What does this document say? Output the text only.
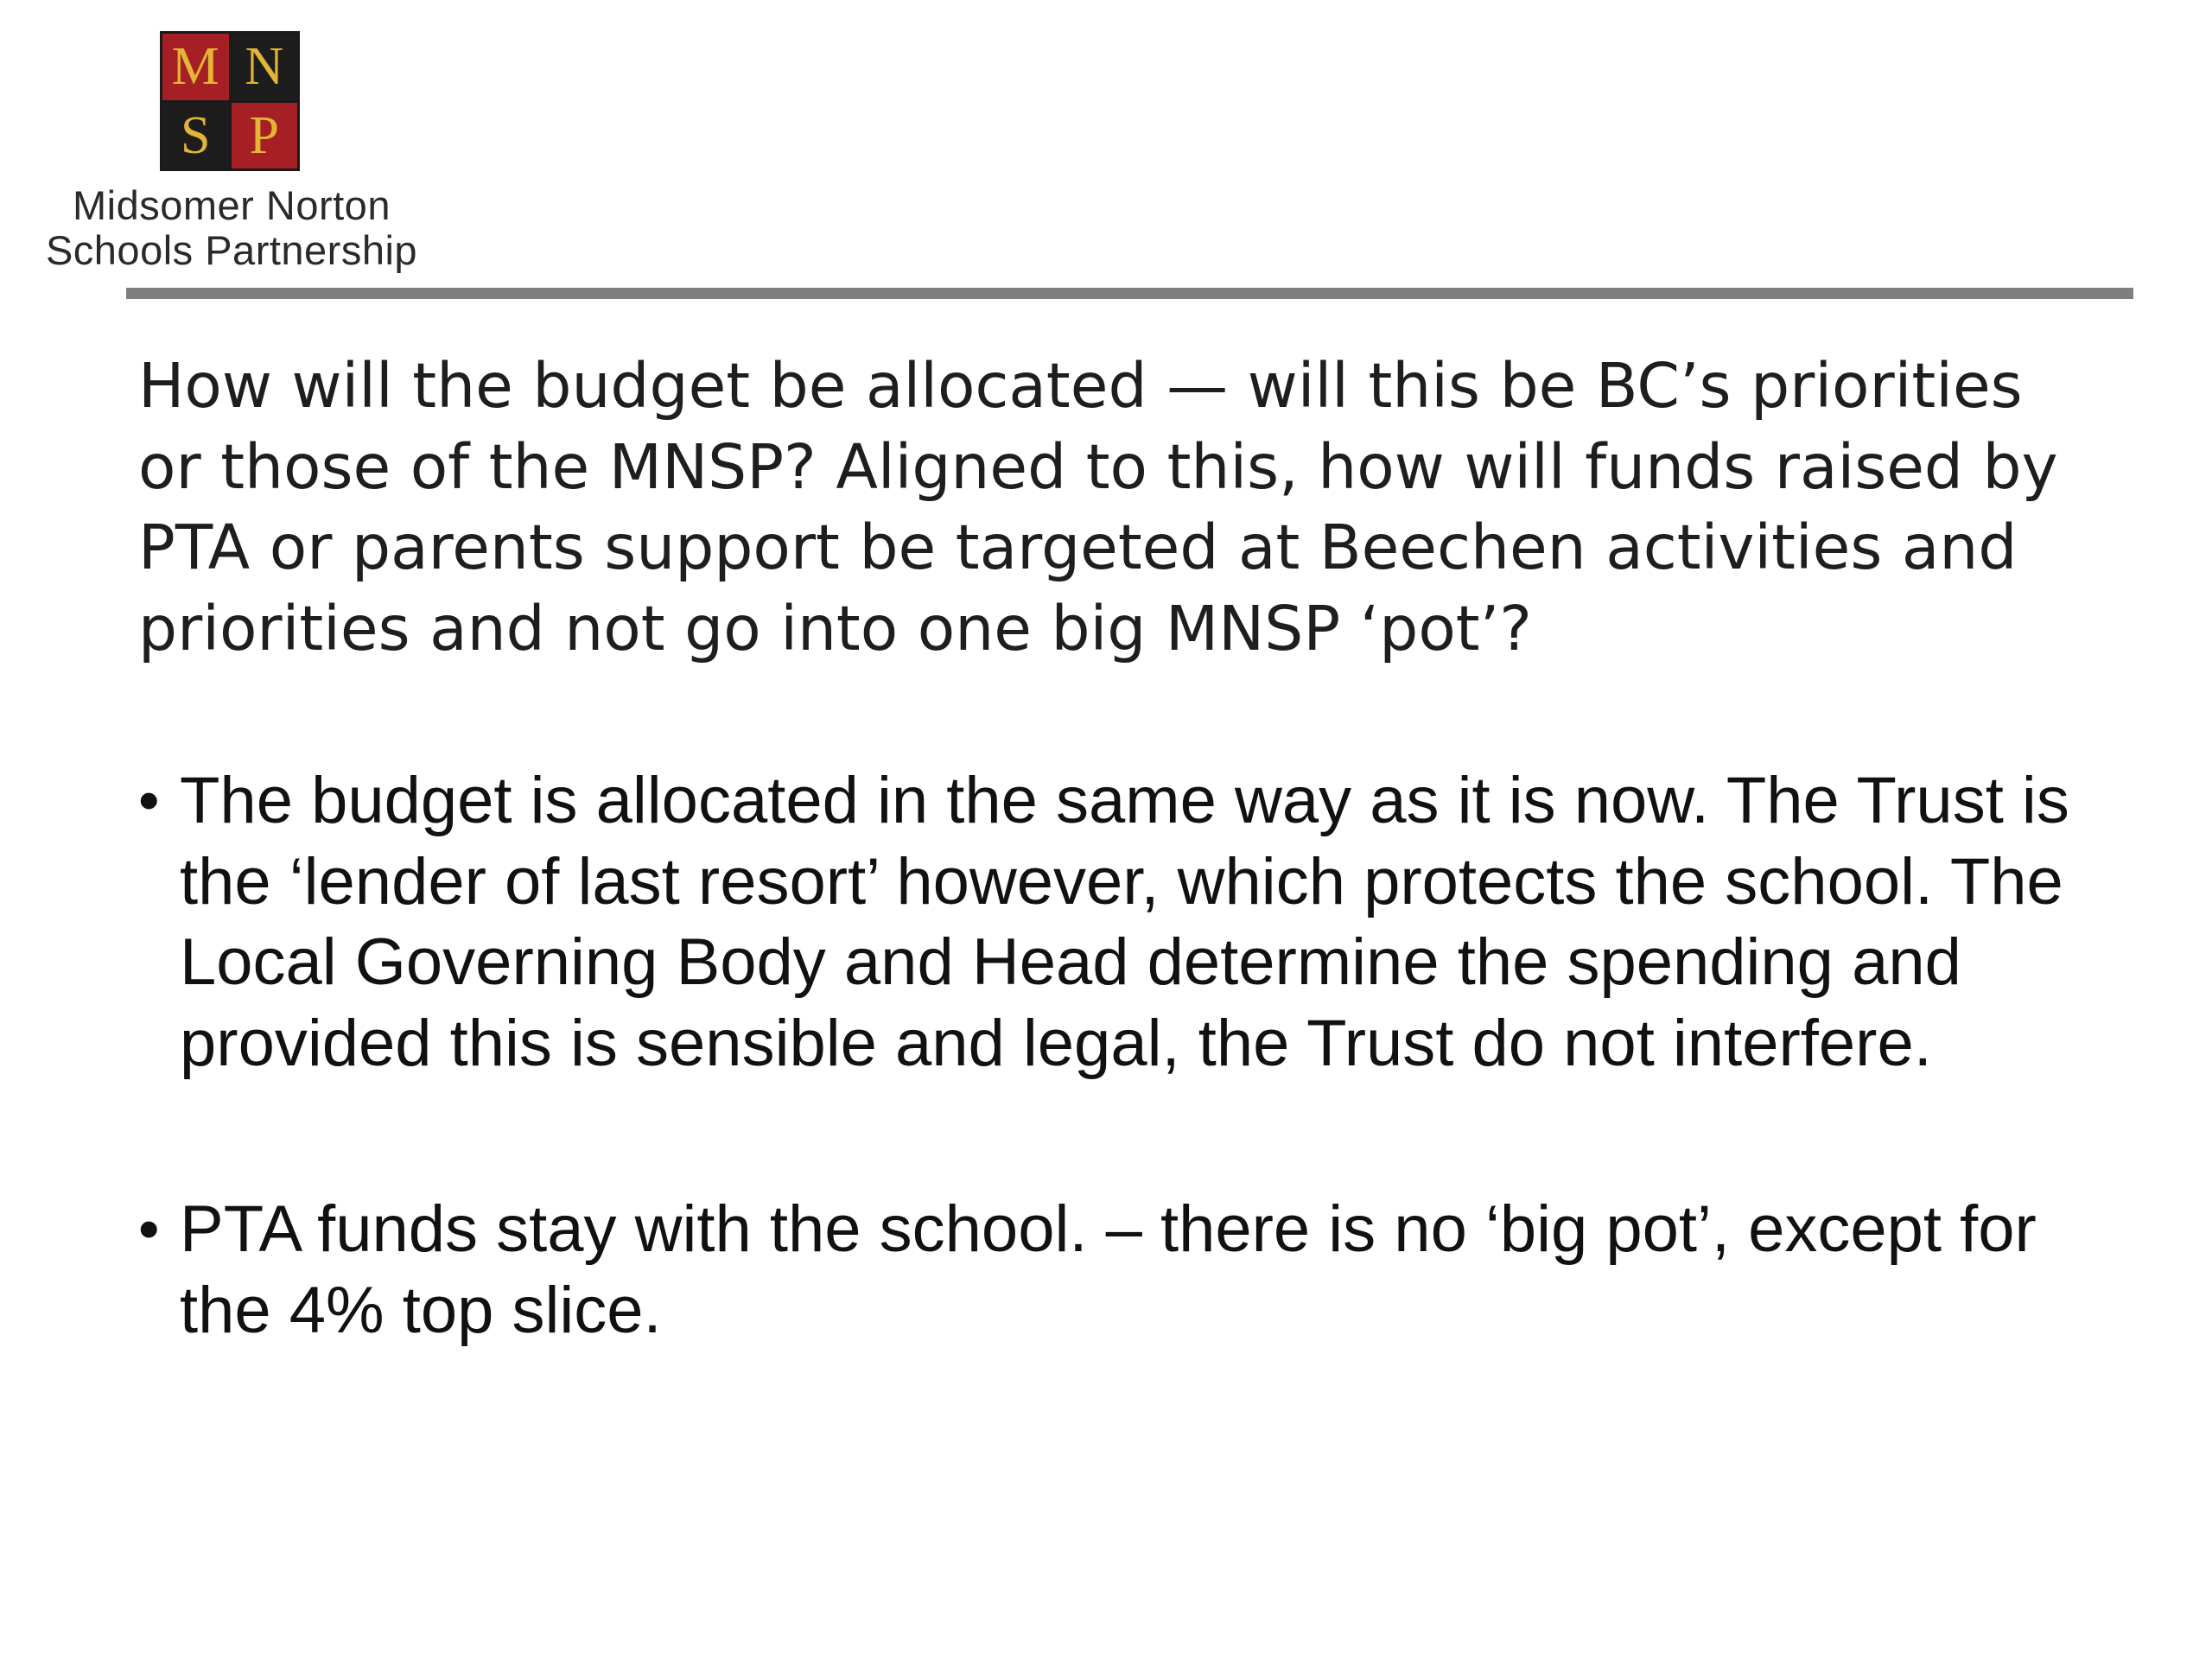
M N
S P
Midsomer Norton
Schools Partnership

How will the budget be allocated — will this be BC’s priorities or those of the MNSP? Aligned to this, how will funds raised by PTA or parents support be targeted at Beechen activities and priorities and not go into one big MNSP ‘pot’?

• The budget is allocated in the same way as it is now. The Trust is the ‘lender of last resort’ however, which protects the school. The Local Governing Body and Head determine the spending and provided this is sensible and legal, the Trust do not interfere.
• PTA funds stay with the school. – there is no ‘big pot’, except for the 4% top slice.
